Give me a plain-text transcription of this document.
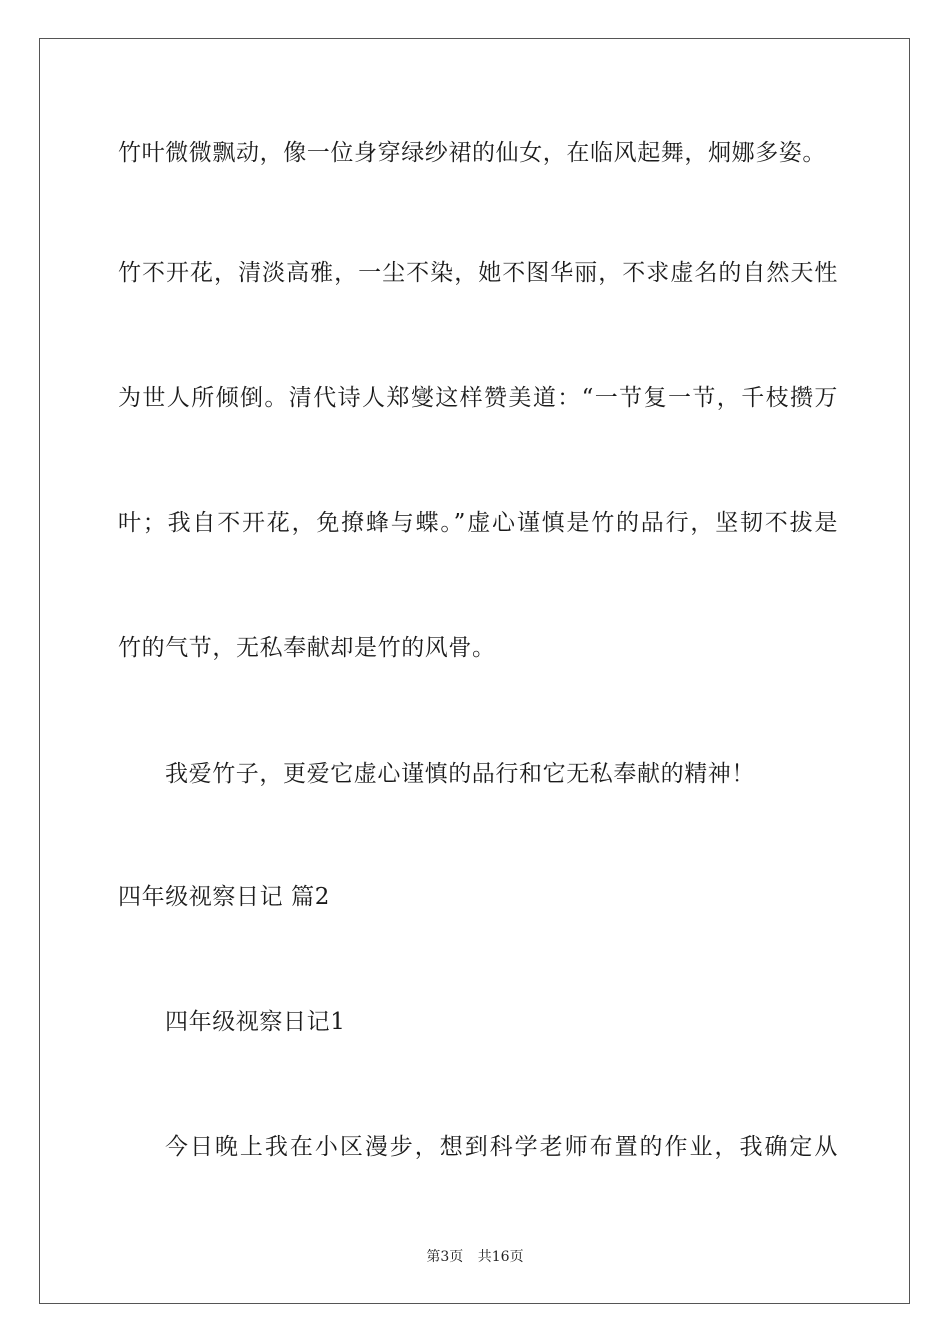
竹叶微微飘动，像一位身穿绿纱裙的仙女，在临风起舞，炯娜多姿。
竹不开花，清淡高雅，一尘不染，她不图华丽，不求虚名的自然天性
为世人所倾倒。清代诗人郑燮这样赞美道：“一节复一节，千枝攒万
叶；我自不开花，免撩蜂与蝶。”虚心谨慎是竹的品行，坚韧不拔是
竹的气节，无私奉献却是竹的风骨。
我爱竹子，更爱它虚心谨慎的品行和它无私奉献的精神！
四年级视察日记 篇2
四年级视察日记1
今日晚上我在小区漫步，想到科学老师布置的作业，我确定从
第3页 共16页
